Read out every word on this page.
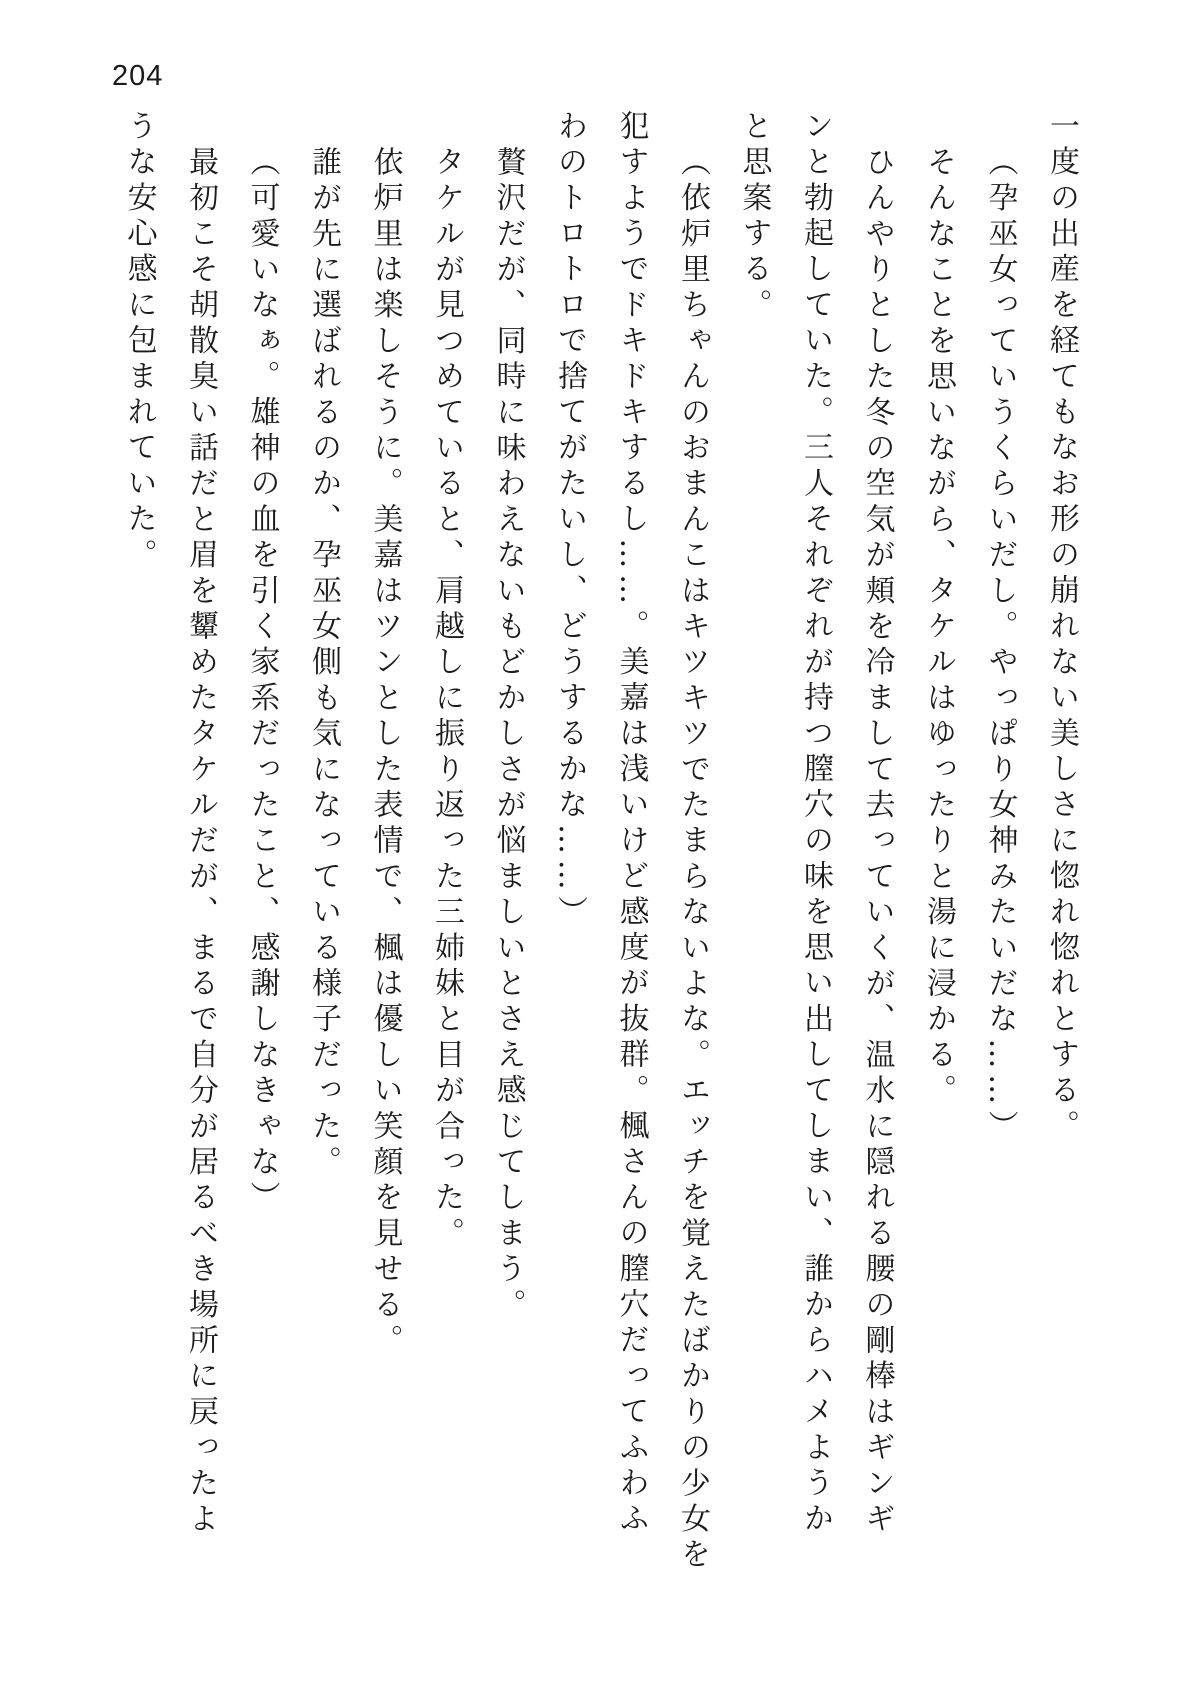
204
一度の出産を経てもなお形の崩れない美しさに惚れ惚れとする。
（孕巫女っていうくらいだし。やっぱり女神みたいだな……）
そんなことを思いながら、タケルはゆったりと湯に浸かる。
ひんやりとした冬の空気が頬を冷まして去っていくが、温水に隠れる腰の剛棒はギンギ
ンと勃起していた。三人それぞれが持つ膣穴の味を思い出してしまい、誰からハメようか
と思案する。
（依炉里ちゃんのおまんこはキツキツでたまらないよな。エッチを覚えたばかりの少女を
犯すようでドキドキするし……。美嘉は浅いけど感度が抜群。楓さんの膣穴だってふわふ
わのトロトロで捨てがたいし、どうするかな……）
贅沢だが、同時に味わえないもどかしさが悩ましいとさえ感じてしまう。
タケルが見つめていると、肩越しに振り返った三姉妹と目が合った。
依炉里は楽しそうに。美嘉はツンとした表情で、楓は優しい笑顔を見せる。
誰が先に選ばれるのか、孕巫女側も気になっている様子だった。
（可愛いなぁ。雄神の血を引く家系だったこと、感謝しなきゃな）
最初こそ胡散臭い話だと眉を顰めたタケルだが、まるで自分が居るべき場所に戻ったよ
うな安心感に包まれていた。
